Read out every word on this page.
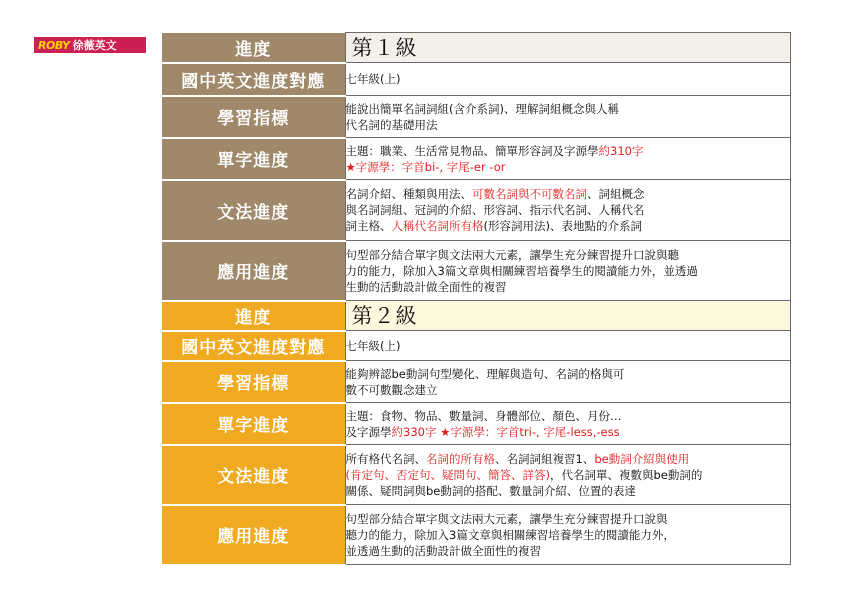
ROBY 徐薇英文	進度	第１級
國中英文進度對應	七年級(上)
學習指標	能說出簡單名詞詞組(含介系詞)、理解詞組概念與人稱
代名詞的基礎用法
單字進度	主題：職業、生活常見物品、簡單形容詞及字源學約310字
★字源學：字首bi-, 字尾-er -or
文法進度	名詞介紹、種類與用法、可數名詞與不可數名詞、詞組概念
與名詞詞組、冠詞的介紹、形容詞、指示代名詞、人稱代名
詞主格、人稱代名詞所有格(形容詞用法)、表地點的介系詞
應用進度	句型部分結合單字與文法兩大元素，讓學生充分練習提升口說與聽
力的能力，除加入3篇文章與相關練習培養學生的閱讀能力外，並透過
生動的活動設計做全面性的複習
進度	第２級
國中英文進度對應	七年級(上)
學習指標	能夠辨認be動詞句型變化、理解與造句、名詞的格與可
數不可數觀念建立
單字進度	主題：食物、物品、數量詞、身體部位、顏色、月份…
及字源學約330字 ★字源學：字首tri-, 字尾-less,-ess
文法進度	所有格代名詞、名詞的所有格、名詞詞組複習1、be動詞介紹與使用
(肯定句、否定句、疑問句、簡答、詳答)，代名詞單、複數與be動詞的
關係、疑問詞與be動詞的搭配、數量詞介紹、位置的表達
應用進度	句型部分結合單字與文法兩大元素，讓學生充分練習提升口說與
聽力的能力，除加入3篇文章與相關練習培養學生的閱讀能力外，
並透過生動的活動設計做全面性的複習
